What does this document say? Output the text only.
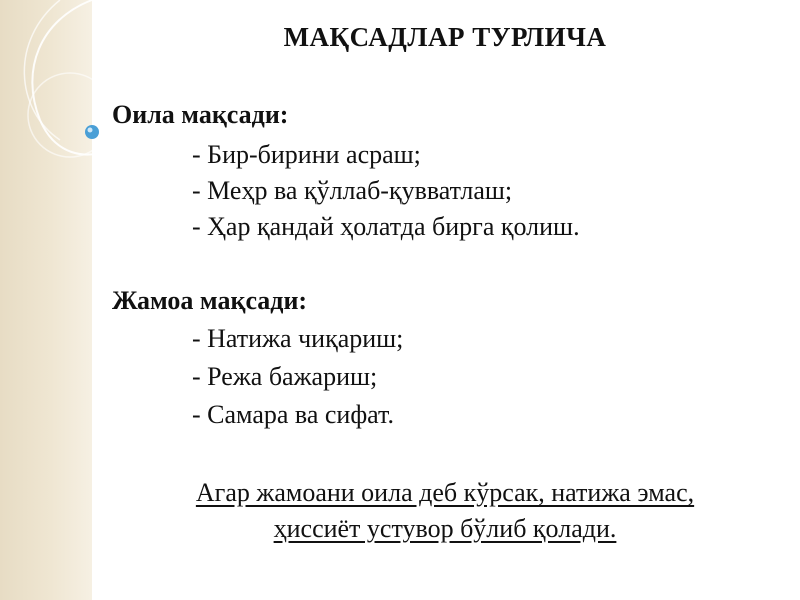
МАҚСАДЛАР ТУРЛИЧА
Оила мақсади:
- Бир-бирини асраш;
- Меҳр ва қўллаб-қувватлаш;
- Ҳар қандай ҳолатда бирга қолиш.
Жамоа мақсади:
- Натижа чиқариш;
- Режа бажариш;
- Самара ва сифат.
Агар жамоани оила деб кўрсак, натижа эмас,
ҳиссиёт устувор бўлиб қолади.
